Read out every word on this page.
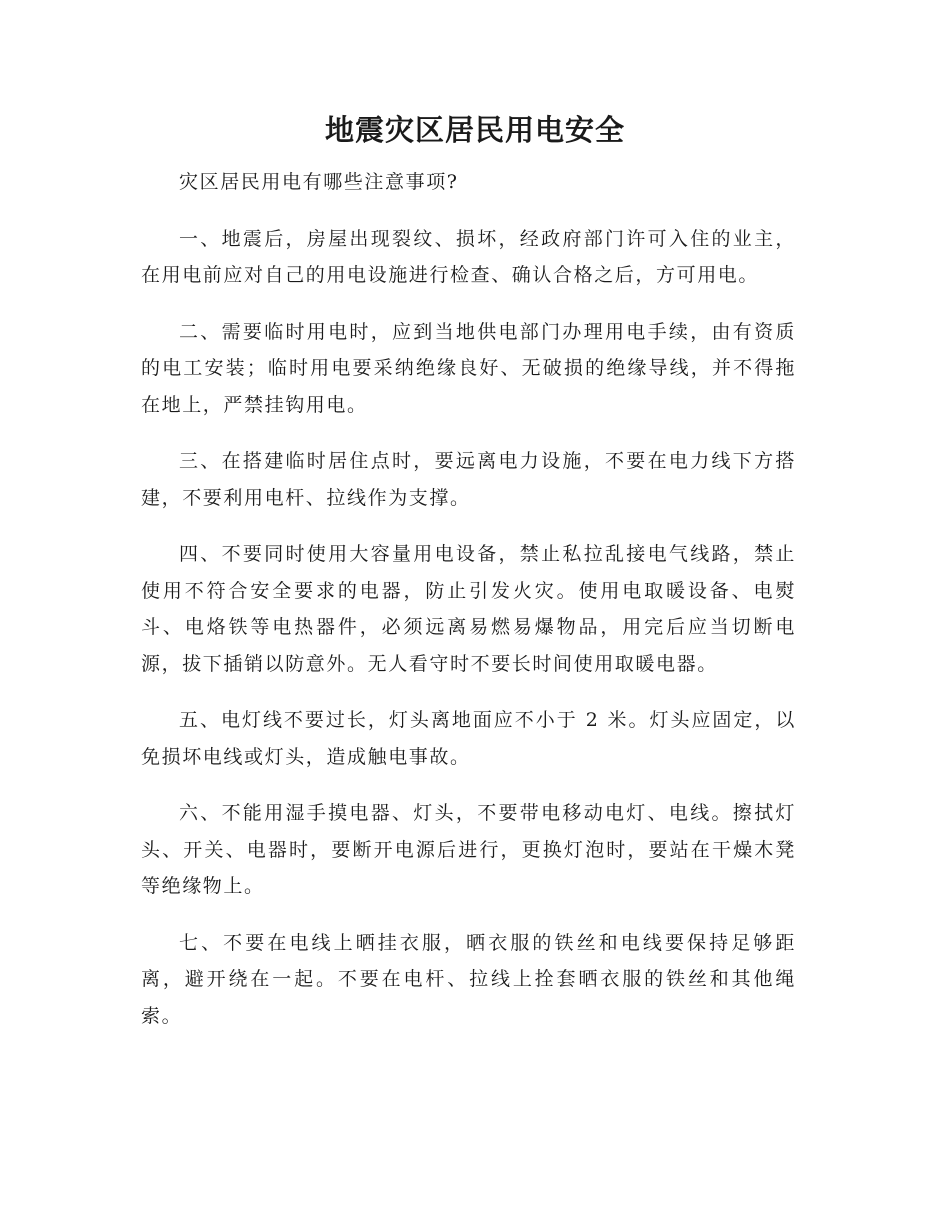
地震灾区居民用电安全

灾区居民用电有哪些注意事项?

一、地震后，房屋出现裂纹、损坏，经政府部门许可入住的业主，在用电前应对自己的用电设施进行检查、确认合格之后，方可用电。

二、需要临时用电时，应到当地供电部门办理用电手续，由有资质的电工安装；临时用电要采纳绝缘良好、无破损的绝缘导线，并不得拖在地上，严禁挂钩用电。

三、在搭建临时居住点时，要远离电力设施，不要在电力线下方搭建，不要利用电杆、拉线作为支撑。

四、不要同时使用大容量用电设备，禁止私拉乱接电气线路，禁止使用不符合安全要求的电器，防止引发火灾。使用电取暖设备、电熨斗、电烙铁等电热器件，必须远离易燃易爆物品，用完后应当切断电源，拔下插销以防意外。无人看守时不要长时间使用取暖电器。

五、电灯线不要过长，灯头离地面应不小于 2 米。灯头应固定，以免损坏电线或灯头，造成触电事故。

六、不能用湿手摸电器、灯头，不要带电移动电灯、电线。擦拭灯头、开关、电器时，要断开电源后进行，更换灯泡时，要站在干燥木凳等绝缘物上。

七、不要在电线上晒挂衣服，晒衣服的铁丝和电线要保持足够距离，避开绕在一起。不要在电杆、拉线上拴套晒衣服的铁丝和其他绳索。
